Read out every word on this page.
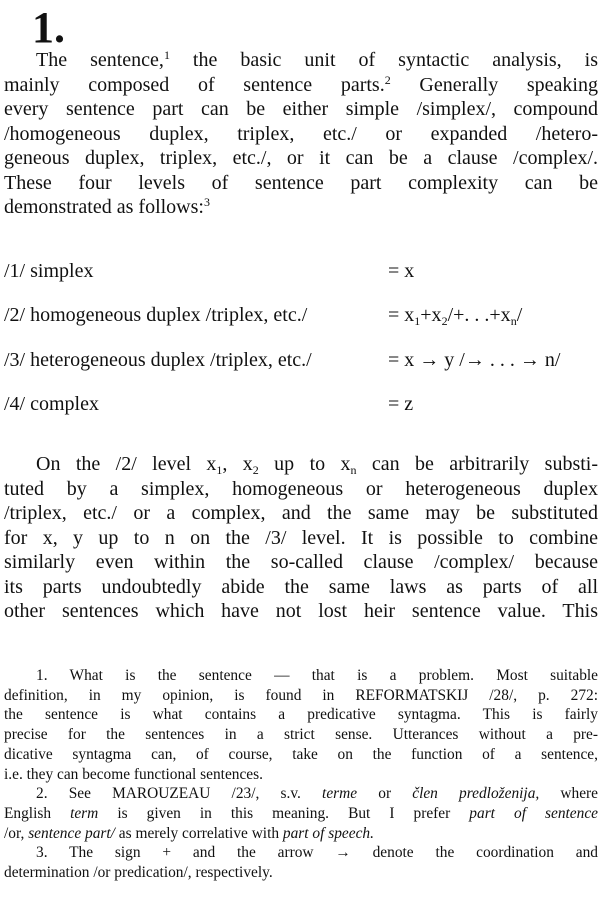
1.

The sentence,$^1$ the basic unit of syntactic analysis, is

mainly composed of sentence parts.$^2$ Generally speaking

every sentence part can be either simple /simplex/, compound

/homogeneous duplex, triplex, etc./ or expanded /hetero-

geneous duplex, triplex, etc./, or it can be a clause /complex/.

These four levels of sentence part complexity can be

demonstrated as follows:$^3$

/1/ simplex	= x
/2/ homogeneous duplex /triplex, etc./	= $x_1+x_2/+$. . $.+x_n/$
/3/ heterogeneous duplex /triplex, etc./	= x → y /→ . . . → n/
/4/ complex	= z

On the /2/ level $x_1$, $x_2$ up to $x_n$ can be arbitrarily substi-

tuted by a simplex, homogeneous or heterogeneous duplex

/triplex, etc./ or a complex, and the same may be substituted

for x, y up to n on the /3/ level. It is possible to combine

similarly even within the so-called clause /complex/ because

its parts undoubtedly abide the same laws as parts of all

other sentences which have not lost heir sentence value. This

1. What is the sentence — that is a problem. Most suitable

definition, in my opinion, is found in REFORMATSKIJ /28/, p. 272:

the sentence is what contains a predicative syntagma. This is fairly

precise for the sentences in a strict sense. Utterances without a pre-

dicative syntagma can, of course, take on the function of a sentence,

i.e. they can become functional sentences.

2. See MAROUZEAU /23/, s.v. terme or člen predloženija, where

English term is given in this meaning. But I prefer part of sentence

/or, sentence part/ as merely correlative with part of speech.

3. The sign + and the arrow → denote the coordination and

determination /or predication/, respectively.
